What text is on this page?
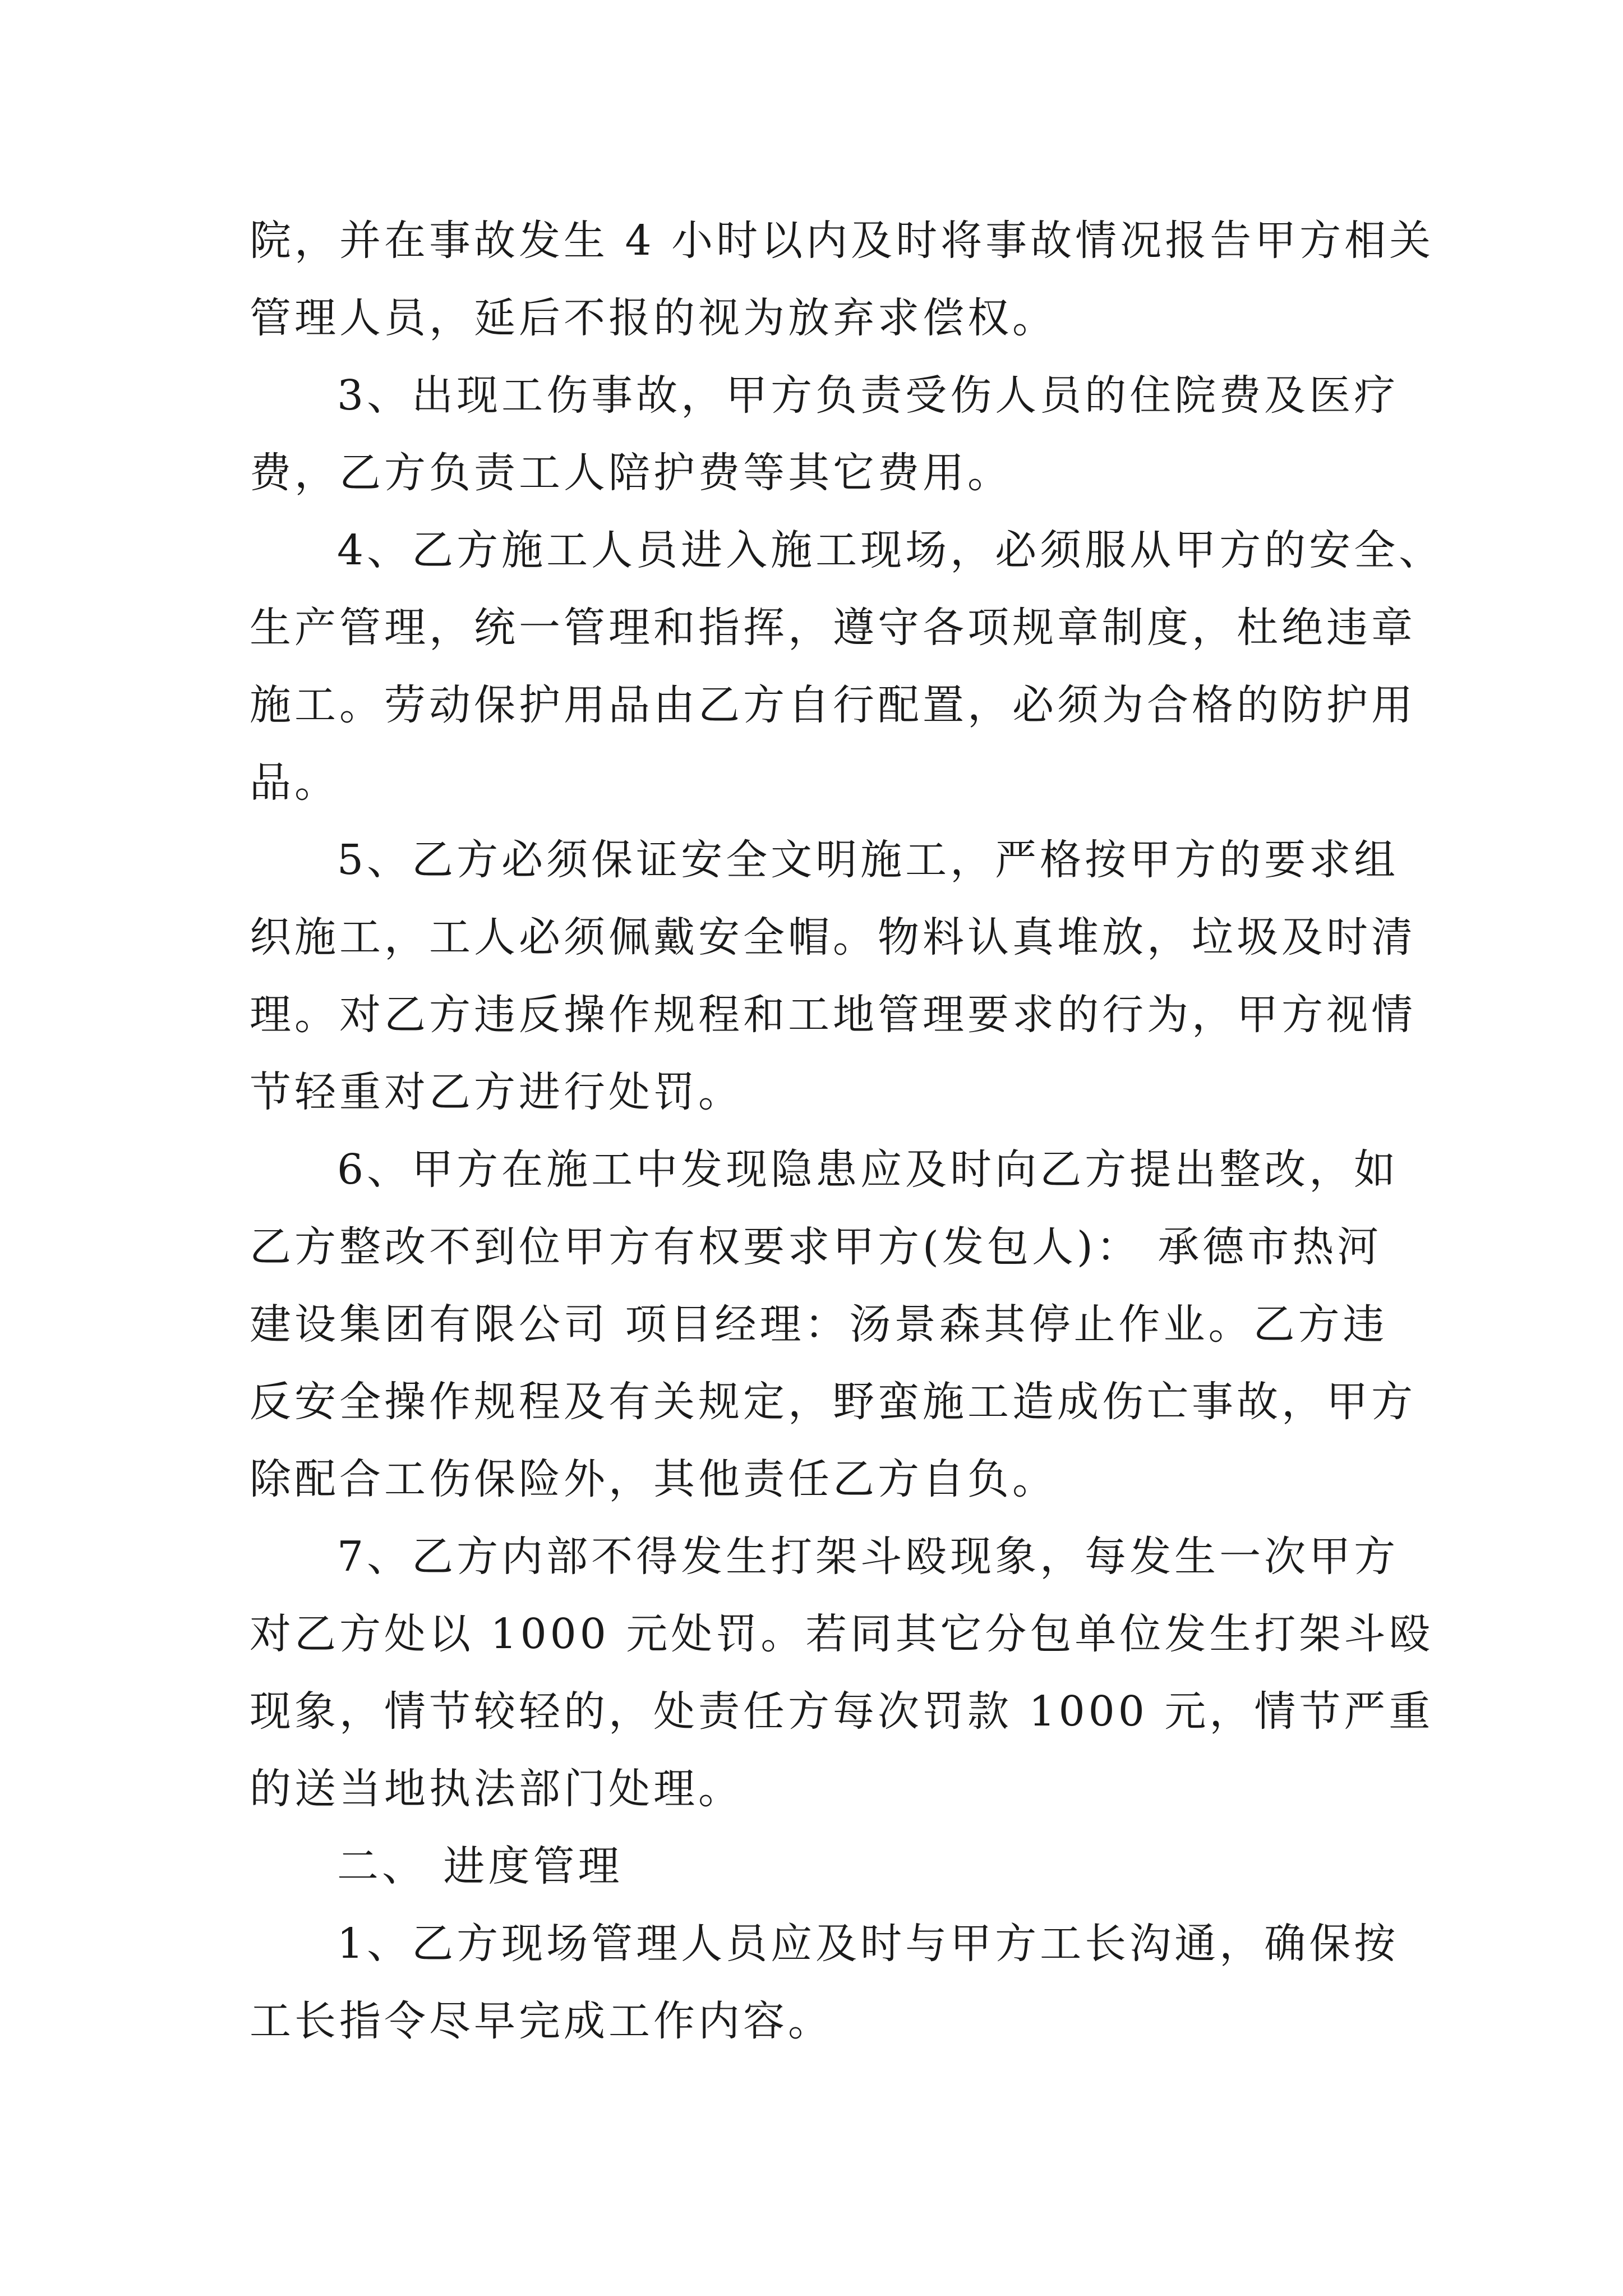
院，并在事故发生 4 小时以内及时将事故情况报告甲方相关
管理人员，延后不报的视为放弃求偿权。
3、出现工伤事故，甲方负责受伤人员的住院费及医疗
费，乙方负责工人陪护费等其它费用。
4、乙方施工人员进入施工现场，必须服从甲方的安全、
生产管理，统一管理和指挥，遵守各项规章制度，杜绝违章
施工。劳动保护用品由乙方自行配置，必须为合格的防护用
品。
5、乙方必须保证安全文明施工，严格按甲方的要求组
织施工，工人必须佩戴安全帽。物料认真堆放，垃圾及时清
理。对乙方违反操作规程和工地管理要求的行为，甲方视情
节轻重对乙方进行处罚。
6、甲方在施工中发现隐患应及时向乙方提出整改，如
乙方整改不到位甲方有权要求甲方(发包人)： 承德市热河
建设集团有限公司 项目经理：汤景森其停止作业。乙方违
反安全操作规程及有关规定，野蛮施工造成伤亡事故，甲方
除配合工伤保险外，其他责任乙方自负。
7、乙方内部不得发生打架斗殴现象，每发生一次甲方
对乙方处以 1000 元处罚。若同其它分包单位发生打架斗殴
现象，情节较轻的，处责任方每次罚款 1000 元，情节严重
的送当地执法部门处理。
二、 进度管理
1、乙方现场管理人员应及时与甲方工长沟通，确保按
工长指令尽早完成工作内容。
